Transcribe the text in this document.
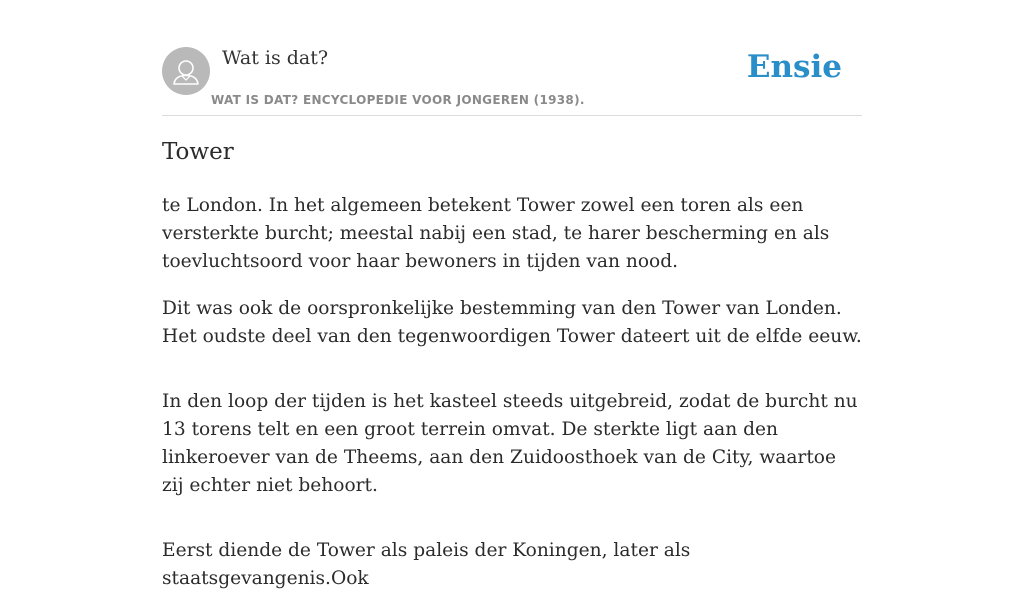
Wat is dat?
WAT IS DAT? ENCYCLOPEDIE VOOR JONGEREN (1938).
Ensie
Tower

te London. In het algemeen betekent Tower zowel een toren als een versterkte burcht; meestal nabij een stad, te harer bescherming en als toevluchtsoord voor haar bewoners in tijden van nood.

Dit was ook de oorspronkelijke bestemming van den Tower van Londen. Het oudste deel van den tegenwoordigen Tower dateert uit de elfde eeuw.

In den loop der tijden is het kasteel steeds uitgebreid, zodat de burcht nu 13 torens telt en een groot terrein omvat. De sterkte ligt aan den linkeroever van de Theems, aan den Zuidoosthoek van de City, waartoe zij echter niet behoort.

Eerst diende de Tower als paleis der Koningen, later als staatsgevangenis.Ook
